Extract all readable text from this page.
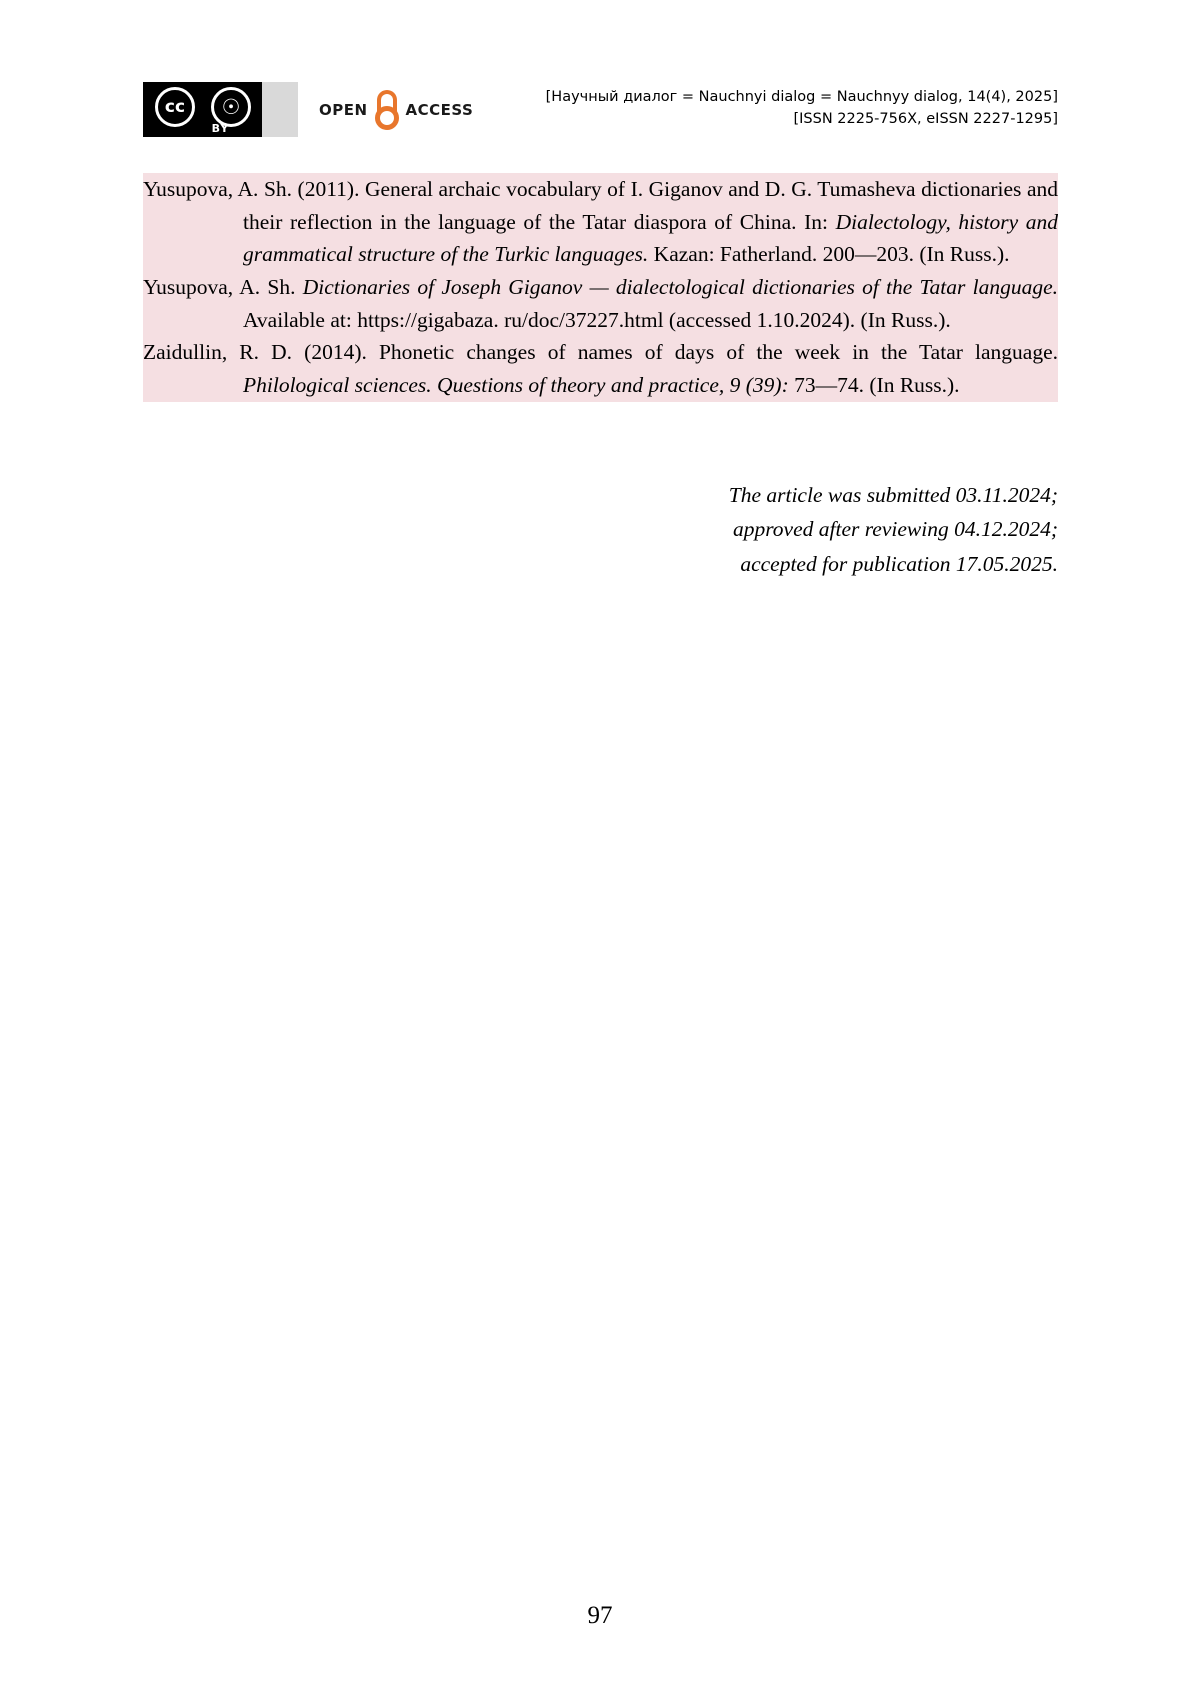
cc	☉
BY
OPEN	ACCESS
[Научный диалог = Nauchnyi dialog = Nauchnyy dialog, 14(4), 2025]
[ISSN 2225-756X, eISSN 2227-1295]

Yusupova, A. Sh. (2011). General archaic vocabulary of I. Giganov and D. G. Tumasheva dictionaries and their reflection in the language of the Tatar diaspora of China. In: Dialectology, history and grammatical structure of the Turkic languages. Kazan: Fatherland. 200—203. (In Russ.).

Yusupova, A. Sh. Dictionaries of Joseph Giganov — dialectological dictionaries of the Tatar language. Available at: https://gigabaza. ru/doc/37227.html (accessed 1.10.2024). (In Russ.).

Zaidullin, R. D. (2014). Phonetic changes of names of days of the week in the Tatar language. Philological sciences. Questions of theory and practice, 9 (39): 73—74. (In Russ.).

The article was submitted 03.11.2024;
approved after reviewing 04.12.2024;
accepted for publication 17.05.2025.
97
